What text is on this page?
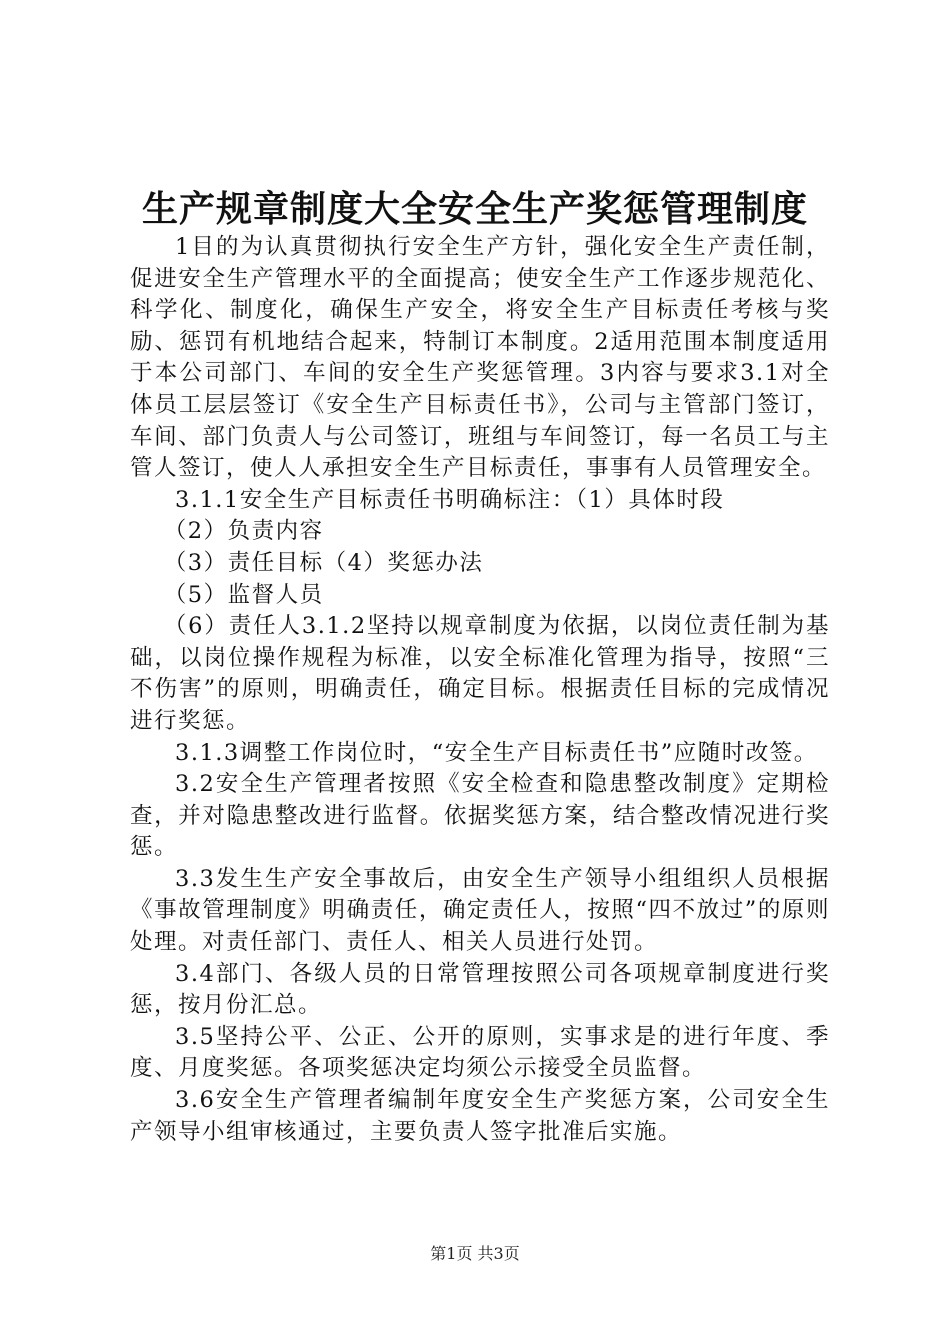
生产规章制度大全安全生产奖惩管理制度

1目的为认真贯彻执行安全生产方针，强化安全生产责任制，促进安全生产管理水平的全面提高；使安全生产工作逐步规范化、科学化、制度化，确保生产安全，将安全生产目标责任考核与奖励、惩罚有机地结合起来，特制订本制度。2适用范围本制度适用于本公司部门、车间的安全生产奖惩管理。3内容与要求3.1对全体员工层层签订《安全生产目标责任书》，公司与主管部门签订，车间、部门负责人与公司签订，班组与车间签订，每一名员工与主管人签订，使人人承担安全生产目标责任，事事有人员管理安全。

3.1.1安全生产目标责任书明确标注：（1）具体时段

（2）负责内容

（3）责任目标（4）奖惩办法

（5）监督人员

（6）责任人3.1.2坚持以规章制度为依据，以岗位责任制为基础，以岗位操作规程为标准，以安全标准化管理为指导，按照“三不伤害”的原则，明确责任，确定目标。根据责任目标的完成情况进行奖惩。

3.1.3调整工作岗位时，“安全生产目标责任书”应随时改签。

3.2安全生产管理者按照《安全检查和隐患整改制度》定期检查，并对隐患整改进行监督。依据奖惩方案，结合整改情况进行奖惩。

3.3发生生产安全事故后，由安全生产领导小组组织人员根据《事故管理制度》明确责任，确定责任人，按照“四不放过”的原则处理。对责任部门、责任人、相关人员进行处罚。

3.4部门、各级人员的日常管理按照公司各项规章制度进行奖惩，按月份汇总。

3.5坚持公平、公正、公开的原则，实事求是的进行年度、季度、月度奖惩。各项奖惩决定均须公示接受全员监督。

3.6安全生产管理者编制年度安全生产奖惩方案，公司安全生产领导小组审核通过，主要负责人签字批准后实施。

第1页 共3页
